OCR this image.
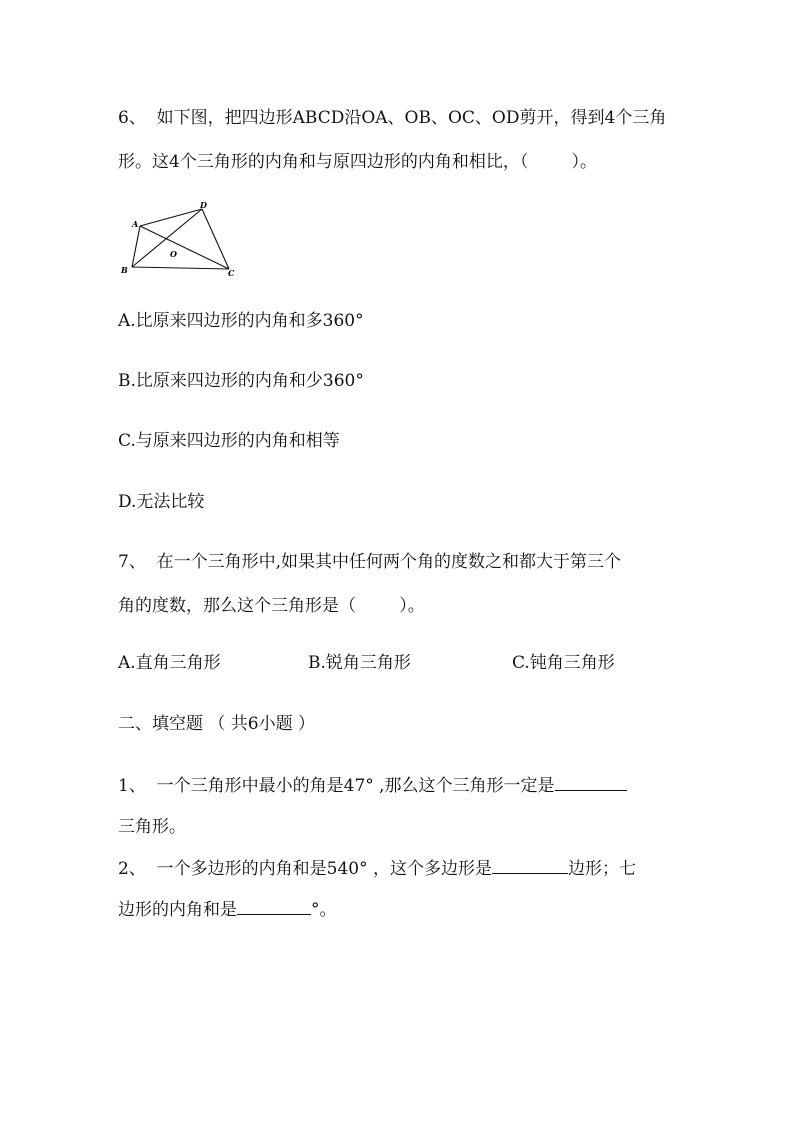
6、  如下图，把四边形ABCD沿OA、OB、OC、OD剪开，得到4个三角
形。这4个三角形的内角和与原四边形的内角和相比，（        ）。
A
B	C
D
O
A.比原来四边形的内角和多360°
B.比原来四边形的内角和少360°
C.与原来四边形的内角和相等
D.无法比较
7、  在一个三角形中,如果其中任何两个角的度数之和都大于第三个
角的度数，那么这个三角形是（        ）。
A.直角三角形	B.锐角三角形	C.钝角三角形
二、填空题 （ 共6小题 ）
1、  一个三角形中最小的角是47° ,那么这个三角形一定是
三角形。
2、  一个多边形的内角和是540° ，这个多边形是	边形；七
边形的内角和是	°。
